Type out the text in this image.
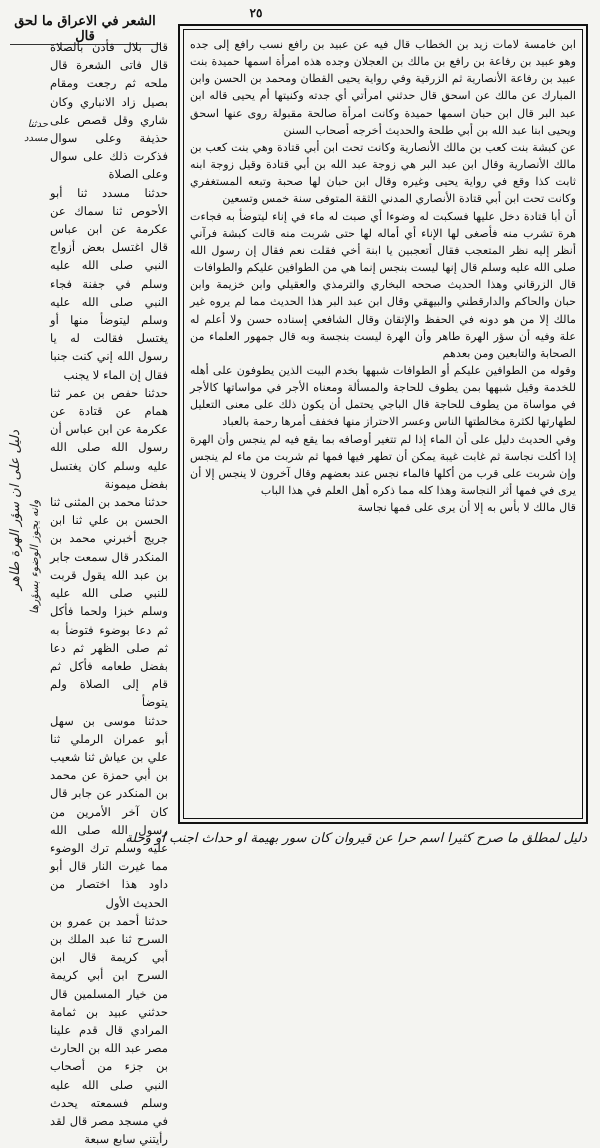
٢٥
الشعر في الاعراق ما لحق قال

قال بلال فأذن بالصلاة قال فاتى الشعرة قال ملحه ثم رجعت ومقام بصيل زاد الانباري وكان شاري وقل قصص على حذيفة وعلى سوال فذكرت ذلك على سوال وعلى الصلاة

حدثنا مسدد ثنا أبو الأحوص ثنا سماك عن عكرمة عن ابن عباس قال اغتسل بعض أزواج النبي صلى الله عليه وسلم في جفنة فجاء النبي صلى الله عليه وسلم ليتوضأ منها أو يغتسل فقالت له يا رسول الله إني كنت جنبا فقال إن الماء لا يجنب

حدثنا حفص بن عمر ثنا همام عن قتادة عن عكرمة عن ابن عباس أن رسول الله صلى الله عليه وسلم كان يغتسل بفضل ميمونة

حدثنا محمد بن المثنى ثنا الحسن بن علي ثنا ابن جريج أخبرني محمد بن المنكدر قال سمعت جابر بن عبد الله يقول قربت للنبي صلى الله عليه وسلم خبزا ولحما فأكل ثم دعا بوضوء فتوضأ به ثم صلى الظهر ثم دعا بفضل طعامه فأكل ثم قام إلى الصلاة ولم يتوضأ

حدثنا موسى بن سهل أبو عمران الرملي ثنا علي بن عياش ثنا شعيب بن أبي حمزة عن محمد بن المنكدر عن جابر قال كان آخر الأمرين من رسول الله صلى الله عليه وسلم ترك الوضوء مما غيرت النار قال أبو داود هذا اختصار من الحديث الأول

حدثنا أحمد بن عمرو بن السرح ثنا عبد الملك بن أبي كريمة قال ابن السرح ابن أبي كريمة من خيار المسلمين قال حدثني عبيد بن ثمامة المرادي قال قدم علينا مصر عبد الله بن الحارث بن جزء من أصحاب النبي صلى الله عليه وسلم فسمعته يحدث في مسجد مصر قال لقد رأيتني سابع سبعة

ابن خامسة لامات زيد بن الخطاب قال فيه عن عبيد بن رافع نسب رافع إلى جده وهو عبيد بن رفاعة بن رافع بن مالك بن العجلان وجده هذه امرأة اسمها حميدة بنت عبيد بن رفاعة الأنصارية ثم الزرقية وفي رواية يحيى القطان ومحمد بن الحسن وابن المبارك عن مالك عن اسحق قال حدثني امرأتي أي جدته وكنيتها أم يحيى قاله ابن عبد البر قال ابن حبان اسمها حميدة وكانت امرأة صالحة مقبولة روى عنها اسحق ويحيى ابنا عبد الله بن أبي طلحة والحديث أخرجه أصحاب السنن

عن كبشة بنت كعب بن مالك الأنصارية وكانت تحت ابن أبي قتادة وهي بنت كعب بن مالك الأنصارية وقال ابن عبد البر هي زوجة عبد الله بن أبي قتادة وقيل زوجة ابنه ثابت كذا وقع في رواية يحيى وغيره وقال ابن حبان لها صحبة وتبعه المستغفري وكانت تحت ابن أبي قتادة الأنصاري المدني الثقة المتوفى سنة خمس وتسعين

أن أبا قتادة دخل عليها فسكبت له وضوءا أي صبت له ماء في إناء ليتوضأ به فجاءت هرة تشرب منه فأصغى لها الإناء أي أماله لها حتى شربت منه قالت كبشة فرآني أنظر إليه نظر المتعجب فقال أتعجبين يا ابنة أخي فقلت نعم فقال إن رسول الله صلى الله عليه وسلم قال إنها ليست بنجس إنما هي من الطوافين عليكم والطوافات

قال الزرقاني وهذا الحديث صححه البخاري والترمذي والعقيلي وابن خزيمة وابن حبان والحاكم والدارقطني والبيهقي وقال ابن عبد البر هذا الحديث مما لم يروه غير مالك إلا من هو دونه في الحفظ والإتقان وقال الشافعي إسناده حسن ولا أعلم له علة وفيه أن سؤر الهرة طاهر وأن الهرة ليست بنجسة وبه قال جمهور العلماء من الصحابة والتابعين ومن بعدهم

وقوله من الطوافين عليكم أو الطوافات شبهها بخدم البيت الذين يطوفون على أهله للخدمة وقيل شبهها بمن يطوف للحاجة والمسألة ومعناه الأجر في مواساتها كالأجر في مواساة من يطوف للحاجة قال الباجي يحتمل أن يكون ذلك على معنى التعليل لطهارتها لكثرة مخالطتها الناس وعسر الاحتراز منها فخفف أمرها رحمة بالعباد

وفي الحديث دليل على أن الماء إذا لم تتغير أوصافه بما يقع فيه لم ينجس وأن الهرة إذا أكلت نجاسة ثم غابت غيبة يمكن أن تطهر فيها فمها ثم شربت من ماء لم ينجس وإن شربت على قرب من أكلها فالماء نجس عند بعضهم وقال آخرون لا ينجس إلا أن يرى في فمها أثر النجاسة وهذا كله مما ذكره أهل العلم في هذا الباب

قال مالك لا بأس به إلا أن يرى على فمها نجاسة

حدثنا مسدد
دليل على ان سؤر الهرة طاهر وانه يجوز الوضوء بسؤرها
دليل لمطلق ما صرح كثيرا اسم حرا عن قيروان كان سور بهيمة او حداث اجنب او وحلة
